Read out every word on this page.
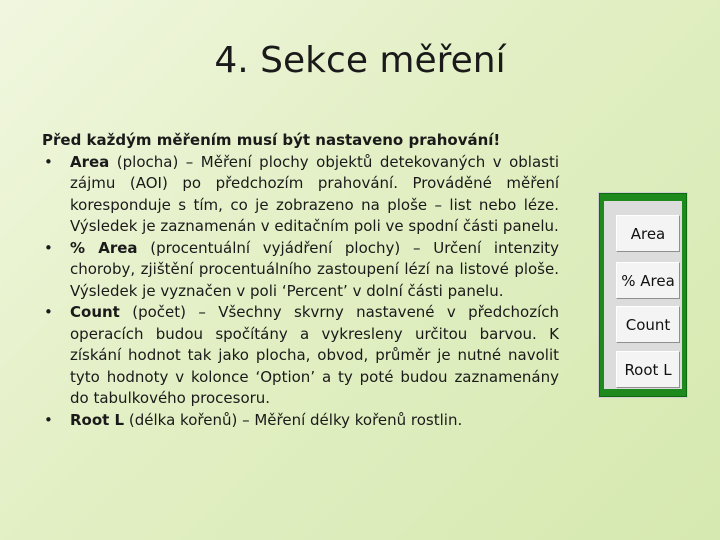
4. Sekce měření

Před každým měřením musí být nastaveno prahování!

• Area (plocha) – Měření plochy objektů detekovaných v oblasti zájmu (AOI) po předchozím prahování. Prováděné měření koresponduje s tím, co je zobrazeno na ploše – list nebo léze. Výsledek je zaznamenán v editačním poli ve spodní části panelu.
• % Area (procentuální vyjádření plochy) – Určení intenzity choroby, zjištění procentuálního zastoupení lézí na listové ploše. Výsledek je vyznačen v poli ‘Percent’ v dolní části panelu.
• Count (počet) – Všechny skvrny nastavené v předchozích operacích budou spočítány a vykresleny určitou barvou. K získání hodnot tak jako plocha, obvod, průměr je nutné navolit tyto hodnoty v kolonce ‘Option’ a ty poté budou zaznamenány do tabulkového procesoru.
• Root L (délka kořenů) – Měření délky kořenů rostlin.
Area
% Area
Count
Root L
